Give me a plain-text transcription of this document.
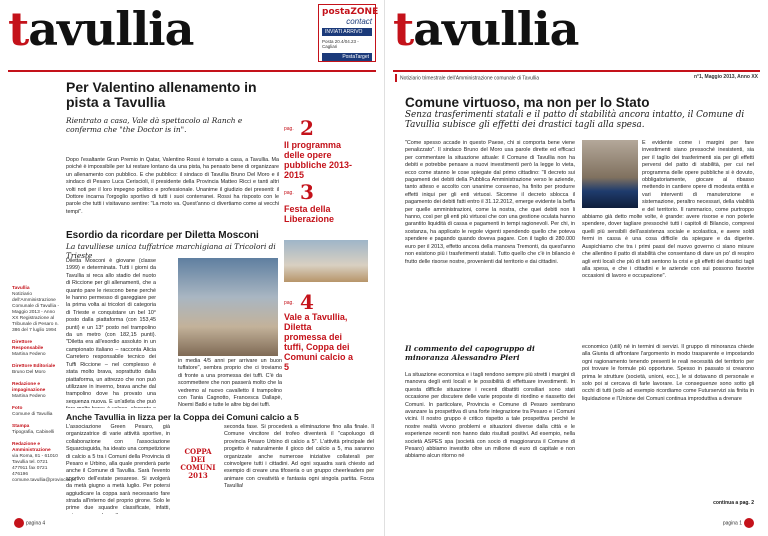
tavullia	postaZONE
contact
INVIATI ARRIVO
Posta 20.4/04.23 - Cagliari
PostaTarget
Per Valentino allenamento in pista a Tavullia
Rientrato a casa, Vale dà spettacolo al Ranch e conferma che "the Doctor is in".
Dopo l'esaltante Gran Premio in Qatar, Valentino Rossi è tornato a casa, a Tavullia. Ma poiché è impossibile per lui restare lontano da una pista, ha pensato bene di organizzare un allenamento con pubblico. E che pubblico: il sindaco di Tavullia Bruno Del Moro e il sindaco di Pesaro Luca Ceriscioli, il presidente della Provincia Matteo Ricci e tanti altri volti noti per il loro impegno politico e professionale. Unanime il giudizio dei presenti: il Dottore incarna l'orgoglio sportivo di tutti i suoi conterranei. Rossi ha risposto con le parole che tutti i visitavano sentire: "La moto va. Quest'anno ci divertiamo come ai vecchi tempi".
pag. 2
Il programma delle opere pubbliche 2013-2015
pag. 3
Festa della Liberazione
pag. 4
Vale a Tavullia, Diletta promessa dei tuffi, Coppa dei Comuni calcio a 5
Esordio da ricordare per Diletta Mosconi
La tavulliese unica tuffatrice marchigiana ai Tricolori di Trieste
Tavullia
Notiziario dell'Amministrazione Comunale di Tavullia - Maggio 2013 - Anno XX Registrazione al Tribunale di Pesaro n. 386 del 7 luglio 1994
Direttore Responsabile
Martina Fedeno
Direttore Editoriale
Bruno Del Moro
Redazione e impaginazione
Martina Fedeno
Foto
Comune di Tavullia
Stampa
Tipografia, Cabinelli
Redazione e Amministrazione
via Roma, 81 - 61010 Tavullia tel. 0721 477911 fax 0721 476196 comune.tavullia@provincia.ps
Diletta Mosconi è giovane (classe 1999) e determinata. Tutti i giorni da Tavullia si reca allo stadio del nuoto di Riccione per gli allenamenti, che a quanto pare le riescono bene perché le hanno permesso di gareggiare per la prima volta ai tricolori di categoria di Trieste e conquistare un bel 10° posto dalla piattaforma (con 153,45 punti) e un 13° posto nel trampolino da un metro (con 182,15 punti). "Diletta era all'esordio assoluto in un campionato italiano – racconta Alicia Carretero responsabile tecnico dei Tuffi Riccione – nel complesso è stata molto brava, soprattutto dalla piattaforma, un attrezzo che non può utilizzare in inverno, brava anche dal trampolino dove ha provato una sequenza nuova. E un'atleta che può
in media 4/5 anni per arrivare un buon tuffatore", sembra proprio che ci troviamo di fronte a una promessa dei tuffi. C'è da scommettere che non passerà molto che la vedremo al nuovo cavalletto il trampolino con Tania Cagnotto, Francesca Dallapè, Noemi Batki e tutte le altre big dei tuffi.
Anche Tavullia in lizza per la Coppa dei Comuni calcio a 5
L'associazione Green Pesaro, già organizzatrice di varie attività sportive, in collaborazione con l'associazione Squarcisguida, ha ideato una competizione di calcio a 5 tra i Comuni della Provincia di Pesaro e Urbino, alla quale prenderà parte anche il Comune di Tavullia. Sarà l'evento sportivo dell'estate pesarese. Si svolgerà da metà giugno a metà luglio. Per potersi aggiudicare la coppa sarà necessario fare strada all'interno del proprio girone. Solo le prime due squadre classificate, infatti,
COPPA DEI COMUNI 2013
seconda fase. Si procederà a eliminazione fino alla finale. Il Comune vincitore del trofeo diventerà il "capoluogo di provincia Pesaro Urbino di calcio a 5". L'attività principale del progetto è naturalmente il gioco del calcio a 5, ma saranno organizzate anche numerose iniziative collaterali per coinvolgere tutti i cittadini. Ad ogni squadra sarà chiesto ad esempio di creare una tifoseria o un gruppo cheerleaders per animare con creatività e fantasia ogni singola partita. Forza Tavullia!
pagina 4
tavullia
Notiziario trimestrale dell'Amministrazione comunale di Tavullia	n°1, Maggio 2013, Anno XX
Comune virtuoso, ma non per lo Stato
Senza trasferimenti statali e il patto di stabilità ancora intatto, il Comune di Tavullia subisce gli effetti dei drastici tagli alla spesa.
"Come spesso accade in questo Paese, chi si comporta bene viene penalizzato". Il sindaco Bruno del Moro usa parole dirette ed efficaci per commentare la situazione attuale: il Comune di Tavullia non ha debiti e potrebbe pensare a nuovi investimenti però la legge lo vieta, ecco come stanno le cose spiegate dal primo cittadino: "Il decreto sui pagamenti dei debiti della Pubblica Amministrazione verso le aziende, tanto atteso e accolto con unanime consenso, ha finito per produrre effetti iniqui per gli enti virtuosi. Sicomne il decreto sblocca il pagamento dei debiti fatti entro il 31.12.2012, emerge evidente la beffa per quelle amministrazioni, come la nostra, che quei debiti non li hanno, così per gli enti più virtuosi che con una gestione oculata hanno garantito liquidità di cassa e pagamenti in tempi ragionevoli. Per chi, in sostanza, ha applicato le regole vigenti spendendo quello che poteva spendere e pagando quando doveva pagare. Con il taglio di 280.000 euro per il 2013, effetto ancora della manovra Tremonti, da quest'anno non esistono più i trasferimenti statali. Tutto quello che c'è in bilancio è frutto delle risorse nostre, provenienti dal territorio e dai cittadini.
È evidente come i margini per fare investimenti siano pressoché inesistenti, sia per il taglio dei trasferimenti sia per gli effetti perversi del patto di stabilità, per cui nel programma delle opere pubbliche si è dovuto, obbligatoriamente, giocare al ribasso mettendo in cantiere opere di modesta entità e vari interventi di manutenzione e sistemazione, peraltro necessari, della viabilità e del territorio. Il rammarico, come purtroppo abbiamo già detto molte volte, è grande: avere risorse e non poterle spendere, dover tagliare pressoché tutti i capitoli di Bilancio, compresi quelli più sensibili dell'assistenza sociale e scolastica, e avere soldi fermi in cassa è una cosa difficile da spiegare e da digerire. Auspichiamo che tra i primi passi del nuovo governo ci siano misure che allentino il patto di stabilità che consentano di dare un po' di respiro agli enti locali che più di tutti sentono la crisi e gli effetti dei drastici tagli alla spesa, e che i cittadini e le aziende con sui possono favorire occasioni di lavoro e occupazione".
Il commento del capogruppo di minoranza Alessandro Pieri
La situazione economica e i tagli rendono sempre più stretti i margini di manovra degli enti locali e le possibilità di effettuare investimenti. In questa difficile situazione i recenti dibattiti consiliari sono stati occasione per discutere delle varie proposte di riordino e riassetto dei Comuni. In particolare, Provincia e Comune di Pesaro sembrano avanzare la prospettiva di una forte integrazione tra Pesaro e i Comuni vicini. Il nostro gruppo è critico rispetto a tale prospettiva perché le nostre realtà vivono problemi e situazioni diverse dalla città e le esperienze recenti non hanno dato risultati positivi. Ad esempio, nella società ASPES spa (società con socio di maggioranza il Comune di Pesaro) abbiamo investito oltre un milione di euro di capitale e non abbiamo alcun ritorno né
economico (utili) né in termini di servizi. Il gruppo di minoranza chiede alla Giunta di affrontare l'argomento in modo trasparente e impostando ogni ragionamento tenendo presenti le reali necessità del territorio per poi trovare le formule più opportune. Spesso in passato si crearono prima le strutture (società, unioni, ecc.), le si dotavano di personale e solo poi si cercava di farle lavorare. Le conseguenze sono sotto gli occhi di tutti (solo ad esempio ricordiamo come Futurservizi sia finita in liquidazione e l'Unione dei Comuni continua improduttiva a drenare
continua a pag. 2
pagina 1
